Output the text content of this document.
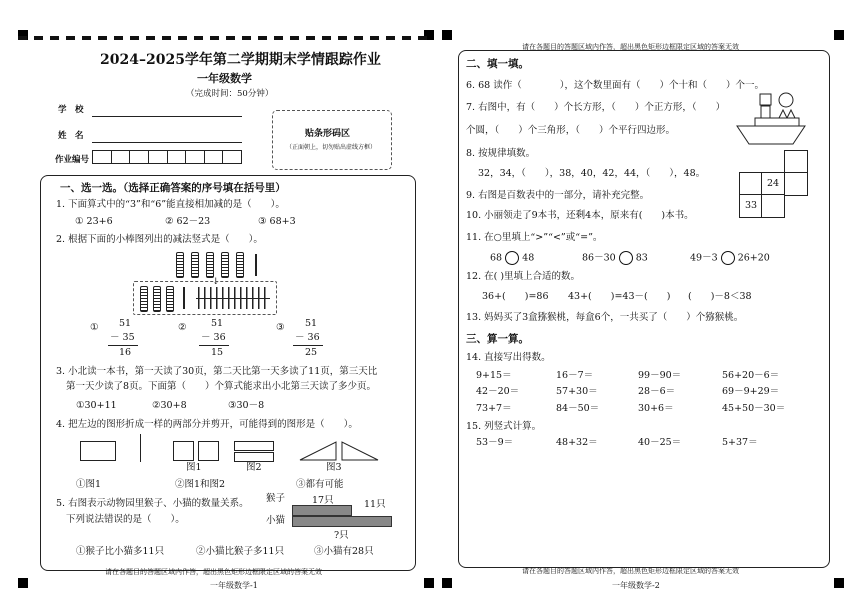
2024–2025学年第二学期期末学情跟踪作业
一年级数学
（完成时间：50分钟）
学　校
姓　名
作业编号
贴条形码区
（正面朝上，切勿贴出虚线方框）
一、选一选。（选择正确答案的序号填在括号里）
1. 下面算式中的“3”和“6”能直接相加减的是（　　）。
① 23+6	② 62－23	③ 68+3
2. 根据下面的小棒图列出的减法竖式是（　　）。
↓
① 51
－ 35
16
②	51
－ 36
15
③ 51
－ 36
25
3. 小北读一本书，第一天读了30页，第二天比第一天多读了11页，第三天比
第一天少读了8页。下面第（　　）个算式能求出小北第三天读了多少页。
①30+11	②30+8	③30－8
4. 把左边的图形折成一样的两部分并剪开，可能得到的图形是（　　）。
图1	图2	图3
①图1	②图1和图2	③都有可能
5. 右图表示动物园里猴子、小猫的数量关系。
下列说法错误的是（　　）。
猴子	17只	11只
小猫
?只
①猴子比小猫多11只	②小猫比猴子多11只	③小猫有28只
请在各题目的答题区域内作答，超出黑色矩形边框限定区域的答案无效
一年级数学-1
请在各题目的答题区域内作答，超出黑色矩形边框限定区域的答案无效
二、填一填。
6. 68 读作（　　　　），这个数里面有（　　）个十和（　　）个一。
7. 右图中，有（　　）个长方形，（　　）个正方形，（　　）
个圆，（　　）个三角形，（　　）个平行四边形。
8. 按规律填数。
32，34，（　　），38，40，42，44，（　　），48。
24
33
9. 右图是百数表中的一部分，请补充完整。
10. 小丽领走了9本书，还剩4本，原来有(　　)本书。
11. 在○里填上“>”“<”或“=”。
68 48	86－30 83	49－3 26+20
12. 在( )里填上合适的数。
36+(　　)=86 43+(　　)=43－(　　) (　　)－8＜38
13. 妈妈买了3盒猕猴桃，每盒6个，一共买了（　　）个猕猴桃。
三、算一算。
14. 直接写出得数。
9+15＝	16－7＝	99－90＝	56+20－6＝
42－20＝	57+30＝	28－6＝	69－9+29＝
73+7＝	84－50＝	30+6＝	45+50－30＝
15. 列竖式计算。
53－9＝	48+32＝	40－25＝	5+37＝
请在各题目的答题区域内作答，超出黑色矩形边框限定区域的答案无效
一年级数学-2
